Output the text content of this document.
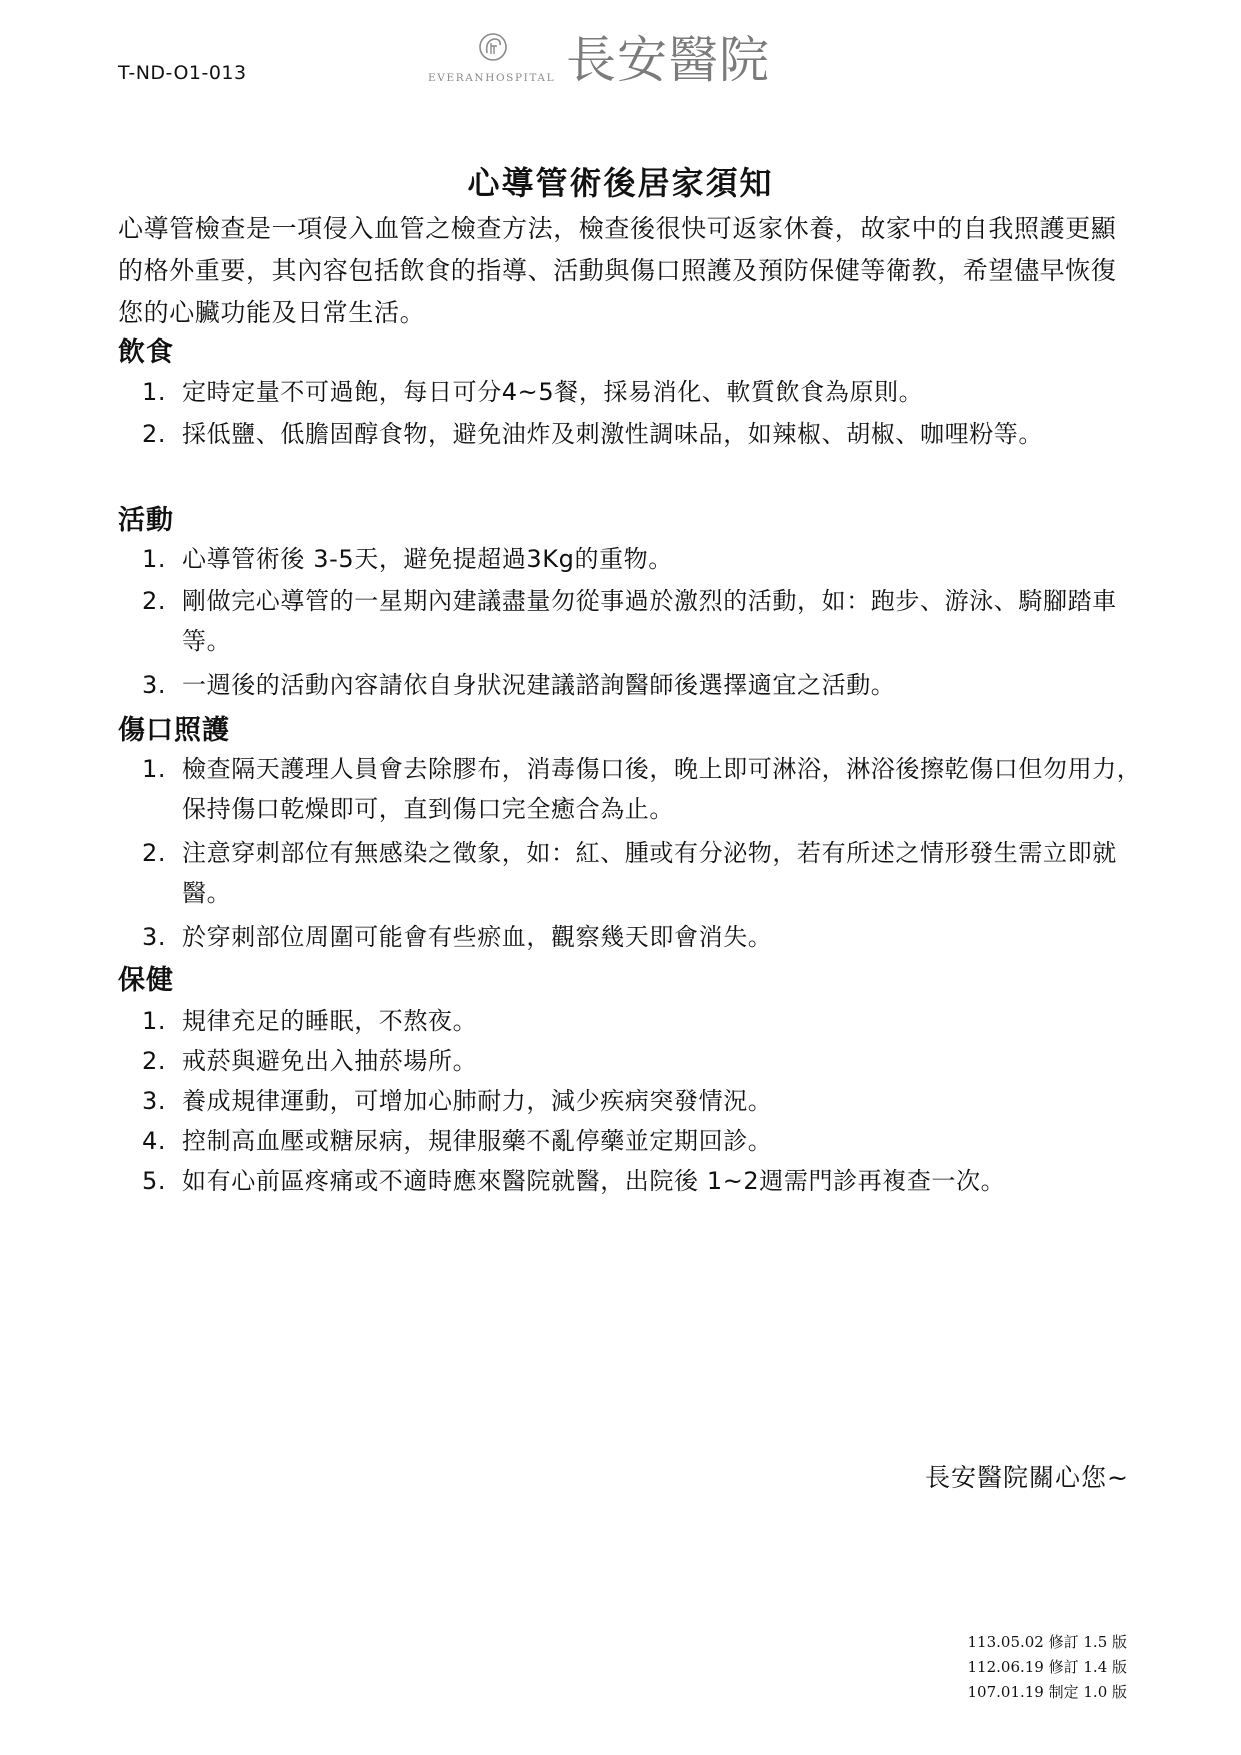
T-ND-O1-013	EVERANHOSPITAL 長安醫院
心導管術後居家須知
心導管檢查是一項侵入血管之檢查方法，檢查後很快可返家休養，故家中的自我照護更顯的格外重要，其內容包括飲食的指導、活動與傷口照護及預防保健等衛教，希望儘早恢復您的心臟功能及日常生活。
飲食
1. 定時定量不可過飽，每日可分4~5餐，採易消化、軟質飲食為原則。
2. 採低鹽、低膽固醇食物，避免油炸及刺激性調味品，如辣椒、胡椒、咖哩粉等。
活動
1. 心導管術後 3-5天，避免提超過3Kg的重物。
2. 剛做完心導管的一星期內建議盡量勿從事過於激烈的活動，如：跑步、游泳、騎腳踏車等。
3. 一週後的活動內容請依自身狀況建議諮詢醫師後選擇適宜之活動。
傷口照護
1. 檢查隔天護理人員會去除膠布，消毒傷口後，晚上即可淋浴，淋浴後擦乾傷口但勿用力，保持傷口乾燥即可，直到傷口完全癒合為止。
2. 注意穿刺部位有無感染之徵象，如：紅、腫或有分泌物，若有所述之情形發生需立即就醫。
3. 於穿刺部位周圍可能會有些瘀血，觀察幾天即會消失。
保健
1. 規律充足的睡眠，不熬夜。
2. 戒菸與避免出入抽菸場所。
3. 養成規律運動，可增加心肺耐力，減少疾病突發情況。
4. 控制高血壓或糖尿病，規律服藥不亂停藥並定期回診。
5. 如有心前區疼痛或不適時應來醫院就醫，出院後 1~2週需門診再複查一次。
長安醫院關心您~
113.05.02 修訂 1.5 版
112.06.19 修訂 1.4 版
107.01.19 制定 1.0 版
